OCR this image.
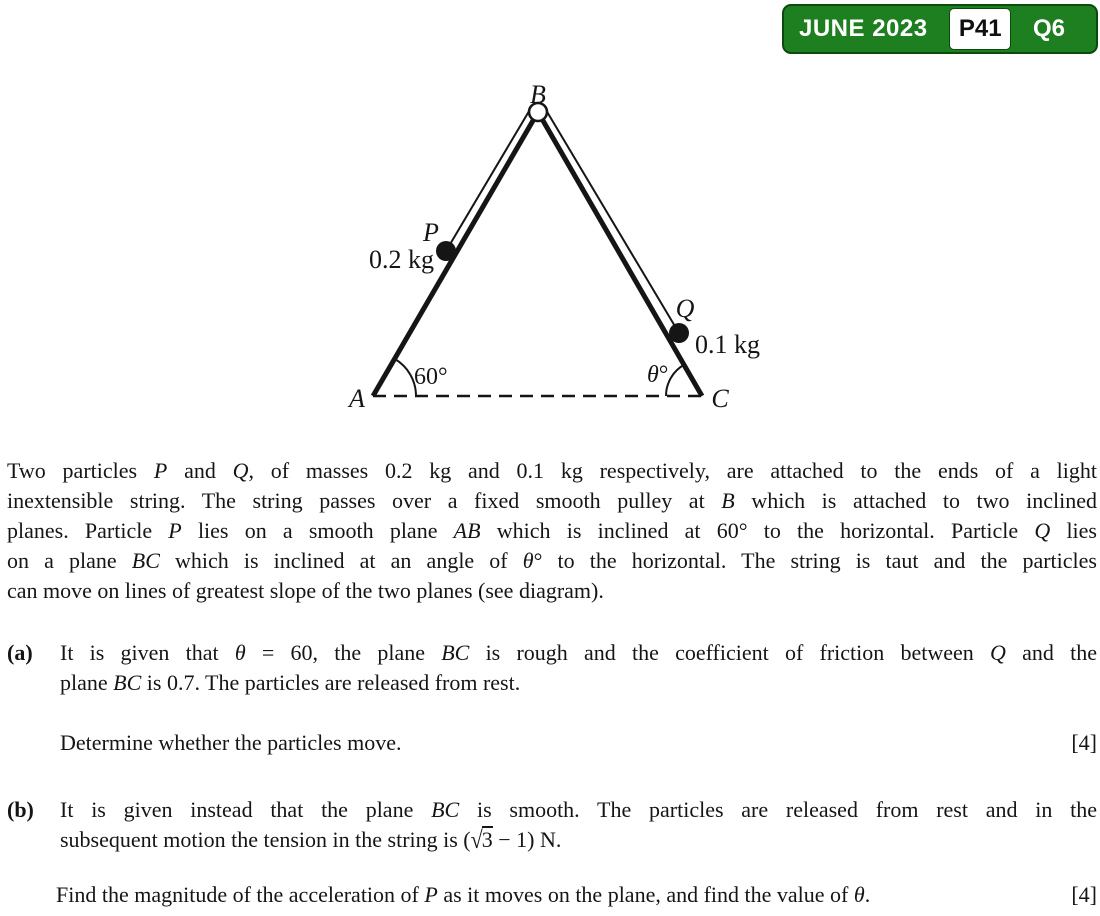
JUNE 2023 P41 Q6
B
P
0.2 kg
Q
0.1 kg
60°	θ°
A	C
Two particles P and Q, of masses 0.2 kg and 0.1 kg respectively, are attached to the ends of a light
inextensible string. The string passes over a fixed smooth pulley at B which is attached to two inclined
planes. Particle P lies on a smooth plane AB which is inclined at 60° to the horizontal. Particle Q lies
on a plane BC which is inclined at an angle of θ° to the horizontal. The string is taut and the particles
can move on lines of greatest slope of the two planes (see diagram).
(a)	It is given that θ = 60, the plane BC is rough and the coefficient of friction between Q and the
plane BC is 0.7. The particles are released from rest.
Determine whether the particles move.	[4]
(b)	It is given instead that the plane BC is smooth. The particles are released from rest and in the
subsequent motion the tension in the string is (√3 − 1) N.
Find the magnitude of the acceleration of P as it moves on the plane, and find the value of θ.	[4]
